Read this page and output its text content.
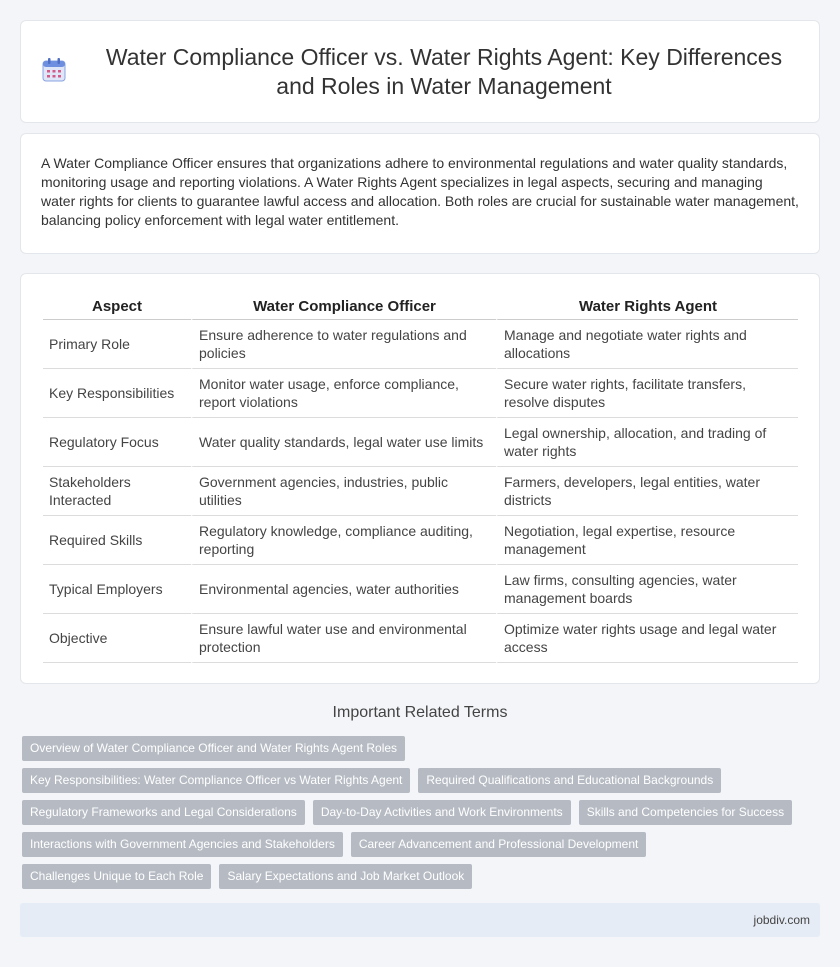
Water Compliance Officer vs. Water Rights Agent: Key Differences and Roles in Water Management

A Water Compliance Officer ensures that organizations adhere to environmental regulations and water quality standards, monitoring usage and reporting violations. A Water Rights Agent specializes in legal aspects, securing and managing water rights for clients to guarantee lawful access and allocation. Both roles are crucial for sustainable water management, balancing policy enforcement with legal water entitlement.

Aspect	Water Compliance Officer	Water Rights Agent
Primary Role	Ensure adherence to water regulations and policies	Manage and negotiate water rights and allocations
Key Responsibilities	Monitor water usage, enforce compliance, report violations	Secure water rights, facilitate transfers, resolve disputes
Regulatory Focus	Water quality standards, legal water use limits	Legal ownership, allocation, and trading of water rights
Stakeholders Interacted	Government agencies, industries, public utilities	Farmers, developers, legal entities, water districts
Required Skills	Regulatory knowledge, compliance auditing, reporting	Negotiation, legal expertise, resource management
Typical Employers	Environmental agencies, water authorities	Law firms, consulting agencies, water management boards
Objective	Ensure lawful water use and environmental protection	Optimize water rights usage and legal water access
Important Related Terms
Overview of Water Compliance Officer and Water Rights Agent Roles
Key Responsibilities: Water Compliance Officer vs Water Rights Agent	Required Qualifications and Educational Backgrounds
Regulatory Frameworks and Legal Considerations	Day-to-Day Activities and Work Environments	Skills and Competencies for Success
Interactions with Government Agencies and Stakeholders	Career Advancement and Professional Development
Challenges Unique to Each Role	Salary Expectations and Job Market Outlook
jobdiv.com
